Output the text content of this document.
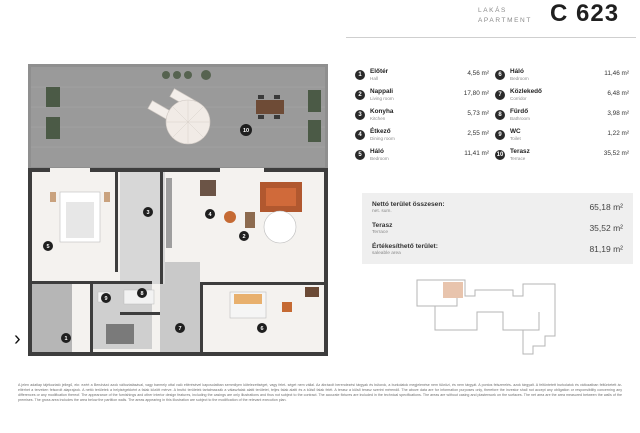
LAKÁS
APARTMENT C 623
1
2
3	4
5
6
7
8
9
10
›
1	Előtér
Hall
4,56 m²
2	Nappali
Living room
17,80 m²
3	Konyha
Kitchen
5,73 m²
4	Étkező
Dining room
2,55 m²
5	Háló
Bedroom
11,41 m²
6	Háló
Bedroom
11,46 m²
7	Közlekedő
Corridor
6,48 m²
8	Fürdő
Bathroom
3,98 m²
9	WC
Toilet
1,22 m²
10 Terasz
Terrace
35,52 m²
Nettó terület összesen:
net. sum.	65,18 m²
Terasz
Terrace	35,52 m²
Értékesíthető terület:
saleable area	81,19 m²
A jelen adatlap tájékoztató jellegű, ekr. ezért a Beruházó azok változtatásával, vagy barmely ottal való eltérésével kapcsolatban semmilyen kötelezettséget, vagy felet- séget nem vállal. Az ábrázolt berendezési tárgyak és bútorok, a burkolatok megjelenése nem tükrözi, és nem tárgyát. A pontos felszerelés- azok tárgyalt. A feltüntetett burkolatok és változatban feltüntetett ár- eltérhet a terveken felsorolt alaprajzok. A nettó területek a helyiségekként a falak között mérve. A bruttó területek tartalmazzák a válaszfalak alatti területet, teljes falak alatti és a külső falak felét. A terasz a külső terasz szerint mérendő. The above data are for information purposes only, therefore the investor shall not accept any obligation or responsibility concerning any differences or any modification thereof. The appearance of the furnishings and other interior design features, including the casings are only illustrations and thus not subject to the contract. The accurate fixtures are included in the technical specifications. The areas are without casing and plasterwork on the surfaces. The net area are the area measured between the walls of the premises. The gross area includes the area below the partition walls. The areas appearing in this illustration are subject to the modification of the relevant execution plan.
